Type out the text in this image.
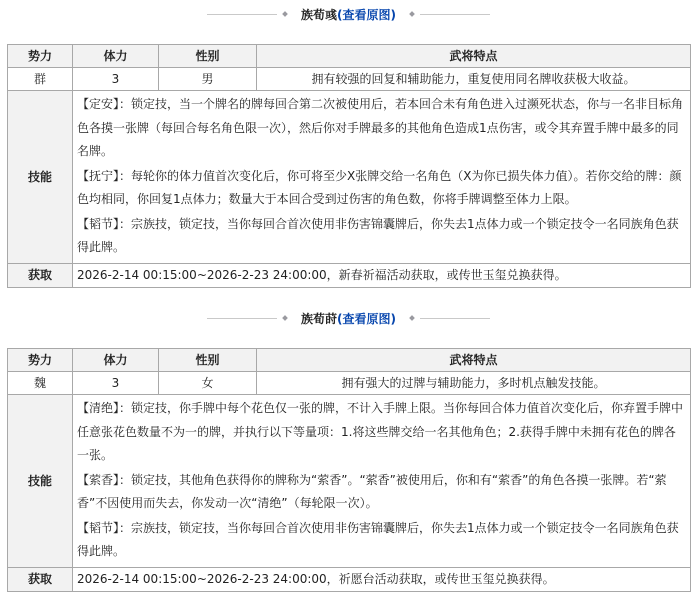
族荀彧(查看原图)
势力	体力	性别	武将特点
群	3	男	拥有较强的回复和辅助能力，重复使用同名牌收获极大收益。
技能	【定安】：锁定技，当一个牌名的牌每回合第二次被使用后，若本回合未有角色进入过濒死状态，你与一名非目标角色各摸一张牌（每回合每名角色限一次），然后你对手牌最多的其他角色造成1点伤害，或令其弃置手牌中最多的同名牌。

【抚宁】：每轮你的体力值首次变化后，你可将至少X张牌交给一名角色（X为你已损失体力值）。若你交给的牌：颜色均相同，你回复1点体力；数量大于本回合受到过伤害的角色数，你将手牌调整至体力上限。

【韬节】：宗族技，锁定技，当你每回合首次使用非伤害锦囊牌后，你失去1点体力或一个锁定技令一名同族角色获得此牌。		

获取	2026-2-14 00:15:00~2026-2-23 24:00:00，新春祈福活动获取，或传世玉玺兑换获得。		
族荀莳(查看原图)
势力	体力	性别	武将特点
魏	3	女	拥有强大的过牌与辅助能力，多时机点触发技能。
技能	【清绝】：锁定技，你手牌中每个花色仅一张的牌，不计入手牌上限。当你每回合体力值首次变化后，你弃置手牌中任意张花色数量不为一的牌，并执行以下等量项：1.将这些牌交给一名其他角色；2.获得手牌中未拥有花色的牌各一张。

【萦香】：锁定技，其他角色获得你的牌称为“萦香”。“萦香”被使用后，你和有“萦香”的角色各摸一张牌。若“萦香”不因使用而失去，你发动一次“清绝”（每轮限一次）。

【韬节】：宗族技，锁定技，当你每回合首次使用非伤害锦囊牌后，你失去1点体力或一个锁定技令一名同族角色获得此牌。		

获取	2026-2-14 00:15:00~2026-2-23 24:00:00，祈愿台活动获取，或传世玉玺兑换获得。		
